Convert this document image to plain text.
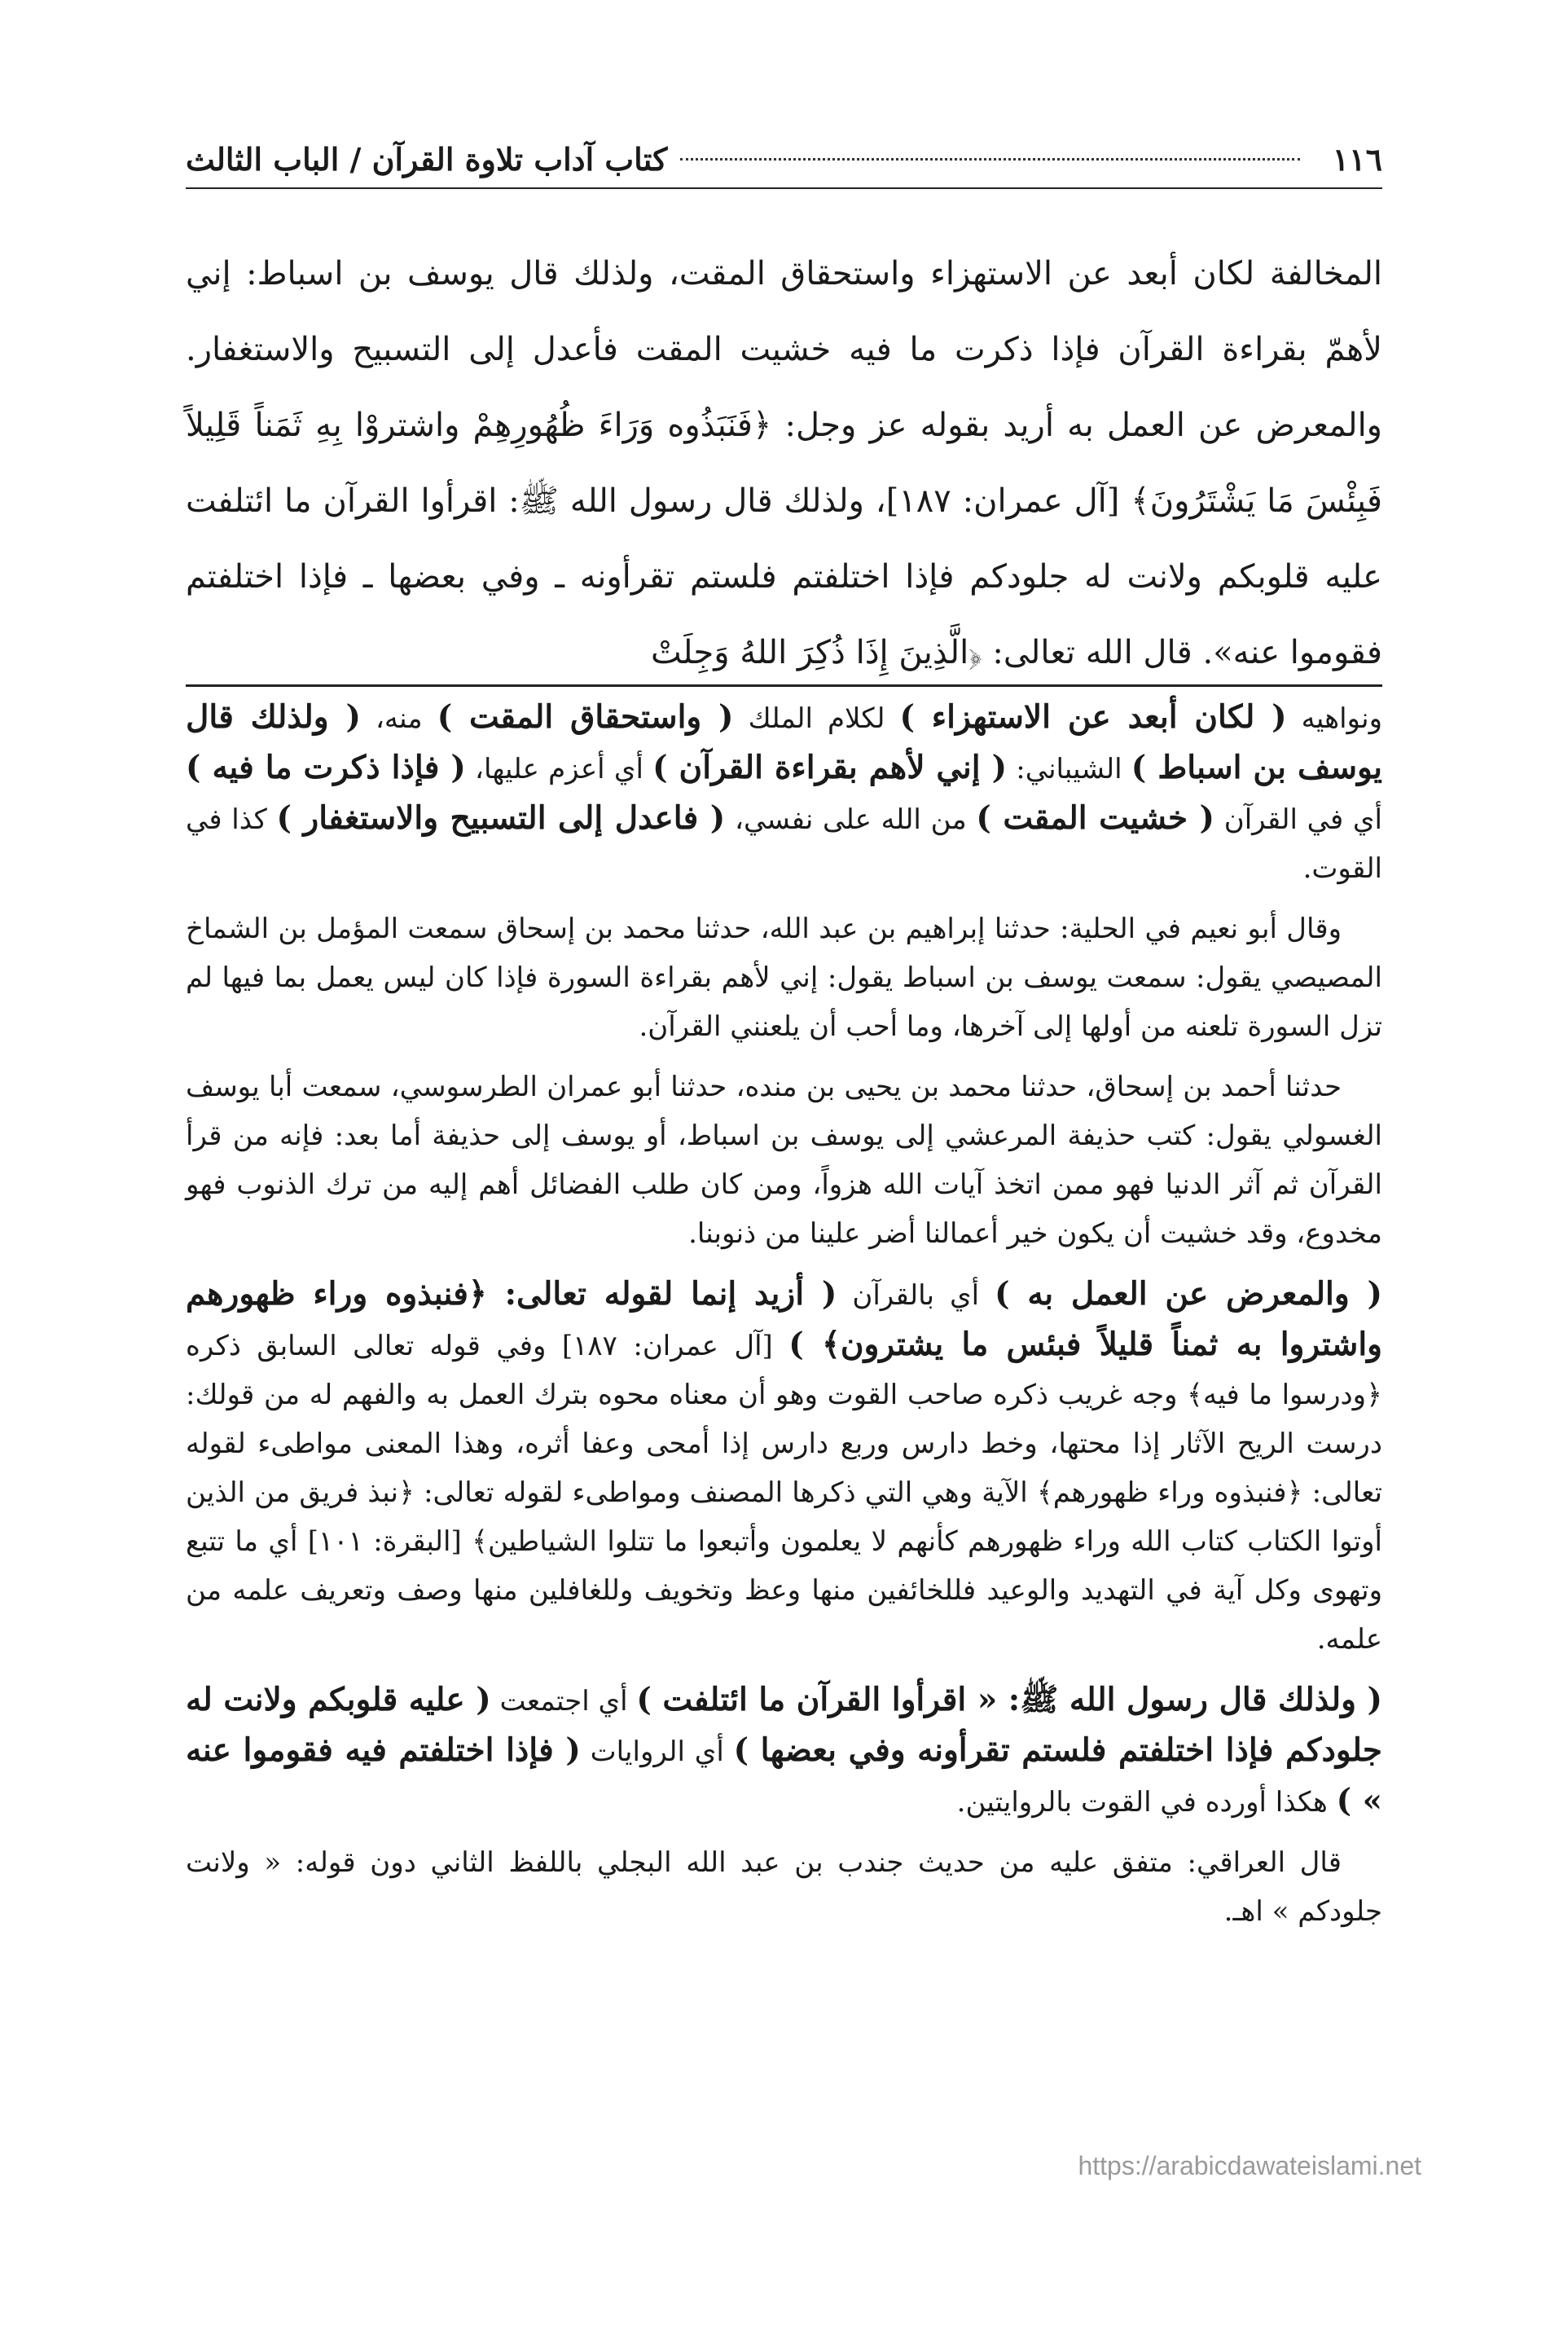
١١٦
كتاب آداب تلاوة القرآن / الباب الثالث

المخالفة لكان أبعد عن الاستهزاء واستحقاق المقت، ولذلك قال يوسف بن اسباط: إني لأهمّ بقراءة القرآن فإذا ذكرت ما فيه خشيت المقت فأعدل إلى التسبيح والاستغفار. والمعرض عن العمل به أريد بقوله عز وجل: ﴿فَنَبَذُوه وَرَاءَ ظُهُورِهِمْ واشتروْا بِهِ ثَمَناً قَلِيلاً فَبِئْسَ مَا يَشْتَرُونَ﴾ [آل عمران: ١٨٧]، ولذلك قال رسول الله ﷺ: اقرأوا القرآن ما ائتلفت عليه قلوبكم ولانت له جلودكم فإذا اختلفتم فلستم تقرأونه ـ وفي بعضها ـ فإذا اختلفتم فقوموا عنه». قال الله تعالى: ﴿الَّذِينَ إِذَا ذُكِرَ اللهُ وَجِلَتْ

ونواهيه ( لكان أبعد عن الاستهزاء ) لكلام الملك ( واستحقاق المقت ) منه، ( ولذلك قال يوسف بن اسباط ) الشيباني: ( إني لأهم بقراءة القرآن ) أي أعزم عليها، ( فإذا ذكرت ما فيه ) أي في القرآن ( خشيت المقت ) من الله على نفسي، ( فاعدل إلى التسبيح والاستغفار ) كذا في القوت.

وقال أبو نعيم في الحلية: حدثنا إبراهيم بن عبد الله، حدثنا محمد بن إسحاق سمعت المؤمل بن الشماخ المصيصي يقول: سمعت يوسف بن اسباط يقول: إني لأهم بقراءة السورة فإذا كان ليس يعمل بما فيها لم تزل السورة تلعنه من أولها إلى آخرها، وما أحب أن يلعنني القرآن.

حدثنا أحمد بن إسحاق، حدثنا محمد بن يحيى بن منده، حدثنا أبو عمران الطرسوسي، سمعت أبا يوسف الغسولي يقول: كتب حذيفة المرعشي إلى يوسف بن اسباط، أو يوسف إلى حذيفة أما بعد: فإنه من قرأ القرآن ثم آثر الدنيا فهو ممن اتخذ آيات الله هزواً، ومن كان طلب الفضائل أهم إليه من ترك الذنوب فهو مخدوع، وقد خشيت أن يكون خير أعمالنا أضر علينا من ذنوبنا.

( والمعرض عن العمل به ) أي بالقرآن ( أزيد إنما لقوله تعالى: ﴿فنبذوه وراء ظهورهم واشتروا به ثمناً قليلاً فبئس ما يشترون﴾ ) [آل عمران: ١٨٧] وفي قوله تعالى السابق ذكره ﴿ودرسوا ما فيه﴾ وجه غريب ذكره صاحب القوت وهو أن معناه محوه بترك العمل به والفهم له من قولك: درست الريح الآثار إذا محتها، وخط دارس وربع دارس إذا أمحى وعفا أثره، وهذا المعنى مواطىء لقوله تعالى: ﴿فنبذوه وراء ظهورهم﴾ الآية وهي التي ذكرها المصنف ومواطىء لقوله تعالى: ﴿نبذ فريق من الذين أوتوا الكتاب كتاب الله وراء ظهورهم كأنهم لا يعلمون وأتبعوا ما تتلوا الشياطين﴾ [البقرة: ١٠١] أي ما تتبع وتهوى وكل آية في التهديد والوعيد فللخائفين منها وعظ وتخويف وللغافلين منها وصف وتعريف علمه من علمه.

( ولذلك قال رسول الله ﷺ: « اقرأوا القرآن ما ائتلفت ) أي اجتمعت ( عليه قلوبكم ولانت له جلودكم فإذا اختلفتم فلستم تقرأونه وفي بعضها ) أي الروايات ( فإذا اختلفتم فيه فقوموا عنه » ) هكذا أورده في القوت بالروايتين.

قال العراقي: متفق عليه من حديث جندب بن عبد الله البجلي باللفظ الثاني دون قوله: « ولانت جلودكم » اهـ.

https://arabicdawateislami.net
